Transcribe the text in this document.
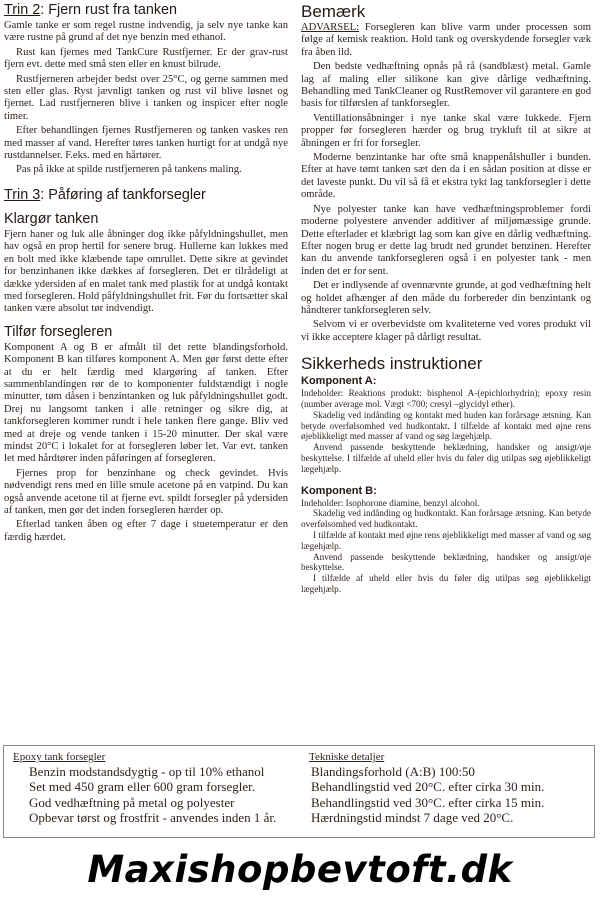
Trin 2: Fjern rust fra tanken

Gamle tanke er som regel rustne indvendig, ja selv nye tanke kan være rustne på grund af det nye benzin med ethanol.

Rust kan fjernes med TankCure Rustfjerner. Er der grav-rust fjern evt. dette med små sten eller en knust bilrude.

Rustfjerneren arbejder bedst over 25°C, og gerne sammen med sten eller glas. Ryst jævnligt tanken og rust vil blive løsnet og fjernet. Lad rustfjerneren blive i tanken og inspicer efter nogle timer.

Efter behandlingen fjernes Rustfjerneren og tanken vaskes ren med masser af vand. Herefter tøres tanken hurtigt for at undgå nye rustdannelser. F.eks. med en hårtører.

Pas på ikke at spilde rustfjerneren på tankens maling.

Trin 3: Påføring af tankforsegler
Klargør tanken

Fjern haner og luk alle åbninger dog ikke påfyldningshullet, men hav også en prop hertil for senere brug. Hullerne kan lukkes med en bolt med ikke klæbende tape omrullet. Dette sikre at gevindet for benzinhanen ikke dækkes af forsegleren. Det er tilrådeligt at dække ydersiden af en malet tank med plastik for at undgå kontakt med forsegleren. Hold påfyldningshullet frit. Før du fortsætter skal tanken være absolut tør indvendigt.

Tilfør forsegleren

Komponent A og B er afmålt til det rette blandingsforhold. Komponent B kan tilføres komponent A. Men gør først dette efter at du er helt færdig med klargøring af tanken. Efter sammenblandingen rør de to komponenter fuldstændigt i nogle minutter, tøm dåsen i benzintanken og luk påfyldningshullet godt. Drej nu langsomt tanken i alle retninger og sikre dig, at tankforsegleren kommer rundt i hele tanken flere gange. Bliv ved med at dreje og vende tanken i 15-20 minutter. Der skal være mindst 20°C i lokalet for at forsegleren løber let. Var evt. tanken let med hårdtører inden påføringen af forsegleren.

Fjernes prop for benzinhane og check gevindet. Hvis nødvendigt rens med en lille smule acetone på en vatpind. Du kan også anvende acetone til at fjerne evt. spildt forsegler på ydersiden af tanken, men gør det inden forsegleren hærder op.

Efterlad tanken åben og efter 7 dage i stuetemperatur er den færdig hærdet.

Bemærk

ADVARSEL: Forsegleren kan blive varm under processen som følge af kemisk reaktion. Hold tank og overskydende forsegler væk fra åben ild.

Den bedste vedhæftning opnås på rå (sandblæst) metal. Gamle lag af maling eller silikone kan give dårlige vedhæftning. Behandling med TankCleaner og RustRemover vil garantere en god basis for tilførslen af tankforsegler.

Ventillationsåbninger i nye tanke skal være lukkede. Fjern propper før forsegleren hærder og brug trykluft til at sikre at åbningen er fri for forsegler.

Moderne benzintanke har ofte små knappenålshuller i bunden. Efter at have tømt tanken sæt den da i en sådan position at disse er det laveste punkt. Du vil så få et ekstra tykt lag tankforsegler i dette område.

Nye polyester tanke kan have vedhæftningsproblemer fordi moderne polyestere anvender additiver af miljømæssige grunde. Dette efterlader et klæbrigt lag som kan give en dårlig vedhæftning. Efter nogen brug er dette lag brudt ned grundet benzinen. Herefter kan du anvende tankforsegleren også i en polyester tank - men inden det er for sent.

Det er indlysende af ovennævnte grunde, at god vedhæftning helt og holdet afhænger af den måde du forbereder din benzintank og håndterer tankforsegleren selv.

Selvom vi er overbevidste om kvaliteterne ved vores produkt vil vi ikke acceptere klager på dårligt resultat.

Sikkerheds instruktioner
Komponent A:

Indeholder: Reaktions produkt: bisphenol A-(epichlorhydrin); epoxy resin (number average mol. Vægt <700; cresyl –glycidyl ether).

Skadelig ved indånding og kontakt med huden kan forårsage ætsning. Kan betyde overfølsomhed ved hudkontakt. I tilfælde af kontakt med øjne rens øjeblikkeligt med masser af vand og søg lægehjælp.

Anvend passende beskyttende beklædning, handsker og ansigt/øje beskyttelse. I tilfælde af uheld eller hvis du føler dig utilpas søg øjeblikkeligt lægehjælp.

Komponent B:

Indeholder: Isophorone diamine, benzyl alcohol.

Skadelig ved indånding og hudkontakt. Kan forårsage ætsning. Kan betyde overfølsomhed ved hudkontakt.

I tilfælde af kontakt med øjne rens øjeblikkeligt med masser af vand og søg lægehjælp.

Anvend passende beskyttende beklædning, handsker og ansigt/øje beskyttelse.

I tilfælde af uheld eller hvis du føler dig utilpas søg øjeblikkeligt lægehjælp.

Epoxy tank forsegler
Benzin modstandsdygtig - op til 10% ethanol
Set med 450 gram eller 600 gram forsegler.
God vedhæftning på metal og polyester
Opbevar tørst og frostfrit - anvendes inden 1 år.
Tekniske detaljer
Blandingsforhold (A:B) 100:50
Behandlingstid ved 20°C. efter cirka 30 min.
Behandlingstid ved 30°C. efter cirka 15 min.
Hærdningstid mindst 7 dage ved 20°C.
Maxishopbevtoft.dk
